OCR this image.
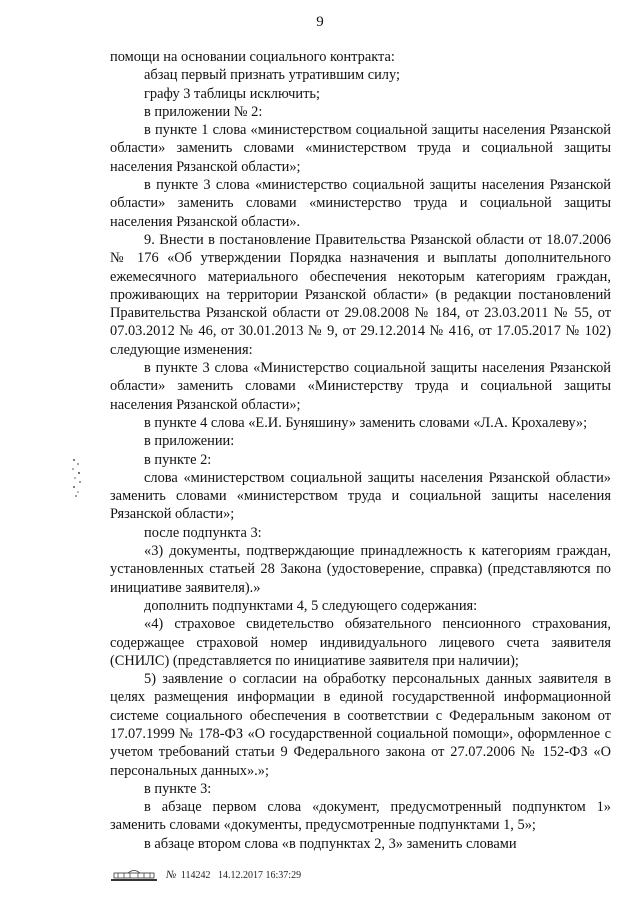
9

помощи на основании социального контракта:

абзац первый признать утратившим силу;

графу 3 таблицы исключить;

в приложении № 2:

в пункте 1 слова «министерством социальной защиты населения Рязанской области» заменить словами «министерством труда и социальной защиты населения Рязанской области»;

в пункте 3 слова «министерство социальной защиты населения Рязанской области» заменить словами «министерство труда и социальной защиты населения Рязанской области».

9. Внести в постановление Правительства Рязанской области от 18.07.2006 № 176 «Об утверждении Порядка назначения и выплаты дополнительного ежемесячного материального обеспечения некоторым категориям граждан, проживающих на территории Рязанской области» (в редакции постановлений Правительства Рязанской области от 29.08.2008 № 184, от 23.03.2011 № 55, от 07.03.2012 № 46, от 30.01.2013 № 9, от 29.12.2014 № 416, от 17.05.2017 № 102) следующие изменения:

в пункте 3 слова «Министерство социальной защиты населения Рязанской области» заменить словами «Министерству труда и социальной защиты населения Рязанской области»;

в пункте 4 слова «Е.И. Буняшину» заменить словами «Л.А. Крохалеву»;

в приложении:

в пункте 2:

слова «министерством социальной защиты населения Рязанской области» заменить словами «министерством труда и социальной защиты населения Рязанской области»;

после подпункта 3:

«3) документы, подтверждающие принадлежность к категориям граждан, установленных статьей 28 Закона (удостоверение, справка) (представляются по инициативе заявителя).»

дополнить подпунктами 4, 5 следующего содержания:

«4) страховое свидетельство обязательного пенсионного страхования, содержащее страховой номер индивидуального лицевого счета заявителя (СНИЛС) (представляется по инициативе заявителя при наличии);

5) заявление о согласии на обработку персональных данных заявителя в целях размещения информации в единой государственной информационной системе социального обеспечения в соответствии с Федеральным законом от 17.07.1999 № 178-ФЗ «О государственной социальной помощи», оформленное с учетом требований статьи 9 Федерального закона от 27.07.2006 № 152-ФЗ «О персональных данных».»;

в пункте 3:

в абзаце первом слова «документ, предусмотренный подпунктом 1» заменить словами «документы, предусмотренные подпунктами 1, 5»;

в абзаце втором слова «в подпунктах 2, 3» заменить словами

№ 114242 14.12.2017 16:37:29
